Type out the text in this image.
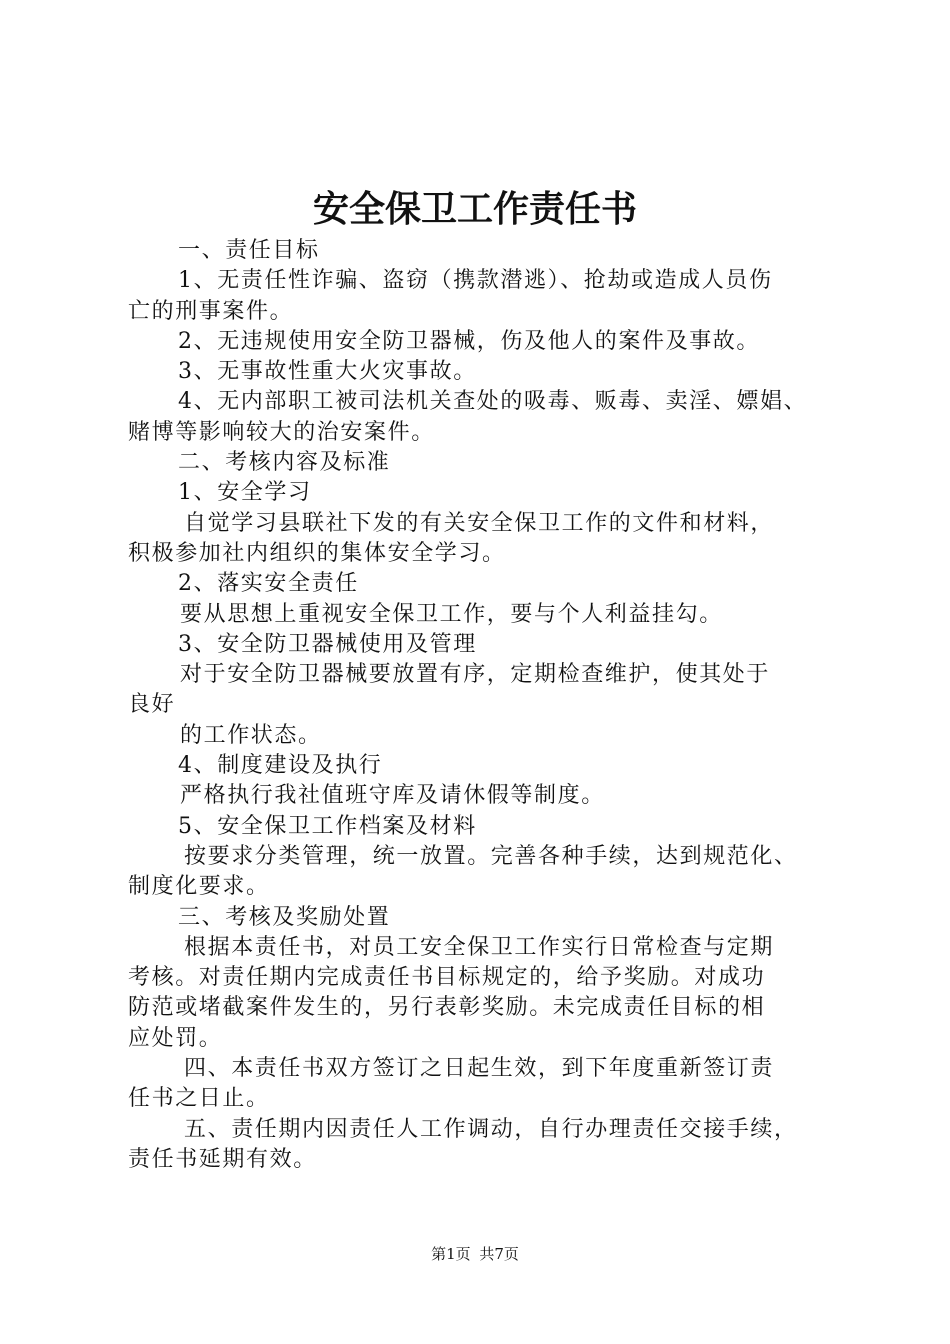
安全保卫工作责任书

一、责任目标

1、无责任性诈骗、盗窃（携款潜逃）、抢劫或造成人员伤

亡的刑事案件。

2、无违规使用安全防卫器械，伤及他人的案件及事故。

3、无事故性重大火灾事故。

4、无内部职工被司法机关查处的吸毒、贩毒、卖淫、嫖娼、

赌博等影响较大的治安案件。

二、考核内容及标准

1、安全学习

自觉学习县联社下发的有关安全保卫工作的文件和材料，

积极参加社内组织的集体安全学习。

2、落实安全责任

要从思想上重视安全保卫工作，要与个人利益挂勾。

3、安全防卫器械使用及管理

对于安全防卫器械要放置有序，定期检查维护，使其处于

良好

的工作状态。

4、制度建设及执行

严格执行我社值班守库及请休假等制度。

5、安全保卫工作档案及材料

按要求分类管理，统一放置。完善各种手续，达到规范化、

制度化要求。

三、考核及奖励处置

根据本责任书，对员工安全保卫工作实行日常检查与定期

考核。对责任期内完成责任书目标规定的，给予奖励。对成功

防范或堵截案件发生的，另行表彰奖励。未完成责任目标的相

应处罚。

四、本责任书双方签订之日起生效，到下年度重新签订责

任书之日止。

五、责任期内因责任人工作调动，自行办理责任交接手续，

责任书延期有效。

第1页 共7页
